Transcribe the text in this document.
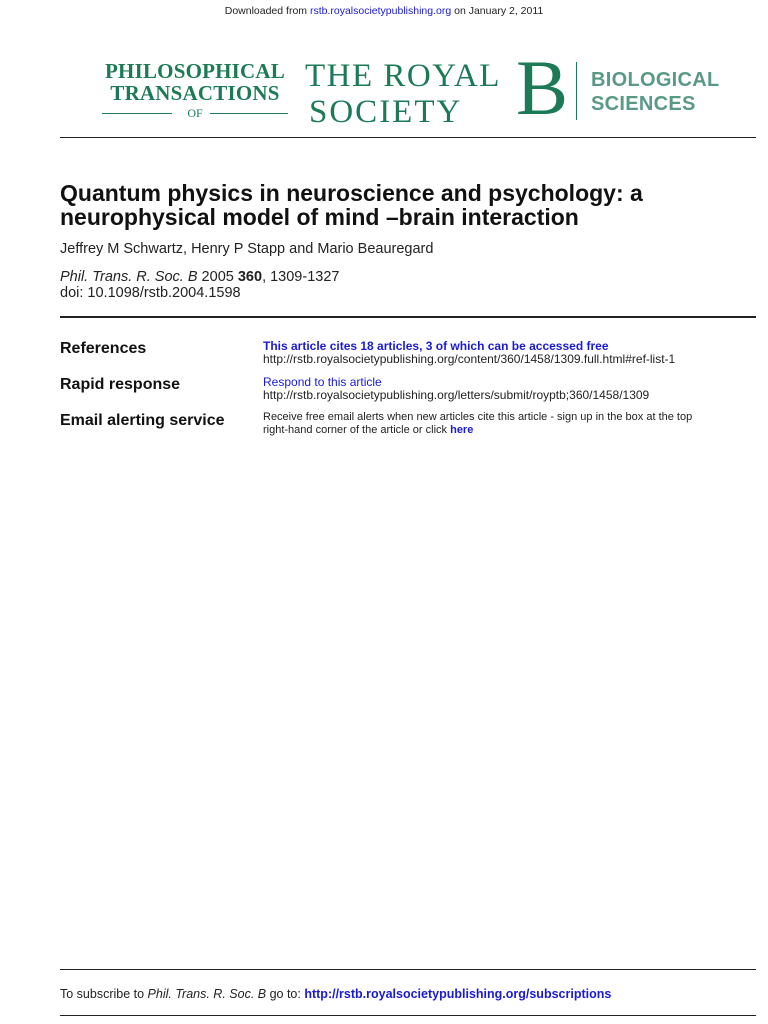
Downloaded from rstb.royalsocietypublishing.org on January 2, 2011
PHILOSOPHICAL
TRANSACTIONS
OF
THE ROYAL
SOCIETY B BIOLOGICAL
SCIENCES
Quantum physics in neuroscience and psychology: a
neurophysical model of mind –brain interaction
Jeffrey M Schwartz, Henry P Stapp and Mario Beauregard
Phil. Trans. R. Soc. B 2005 360, 1309-1327
doi: 10.1098/rstb.2004.1598
References	This article cites 18 articles, 3 of which can be accessed free
http://rstb.royalsocietypublishing.org/content/360/1458/1309.full.html#ref-list-1
Rapid response	Respond to this article
http://rstb.royalsocietypublishing.org/letters/submit/royptb;360/1458/1309
Email alerting service	Receive free email alerts when new articles cite this article - sign up in the box at the top
right-hand corner of the article or click here
To subscribe to Phil. Trans. R. Soc. B go to: http://rstb.royalsocietypublishing.org/subscriptions
